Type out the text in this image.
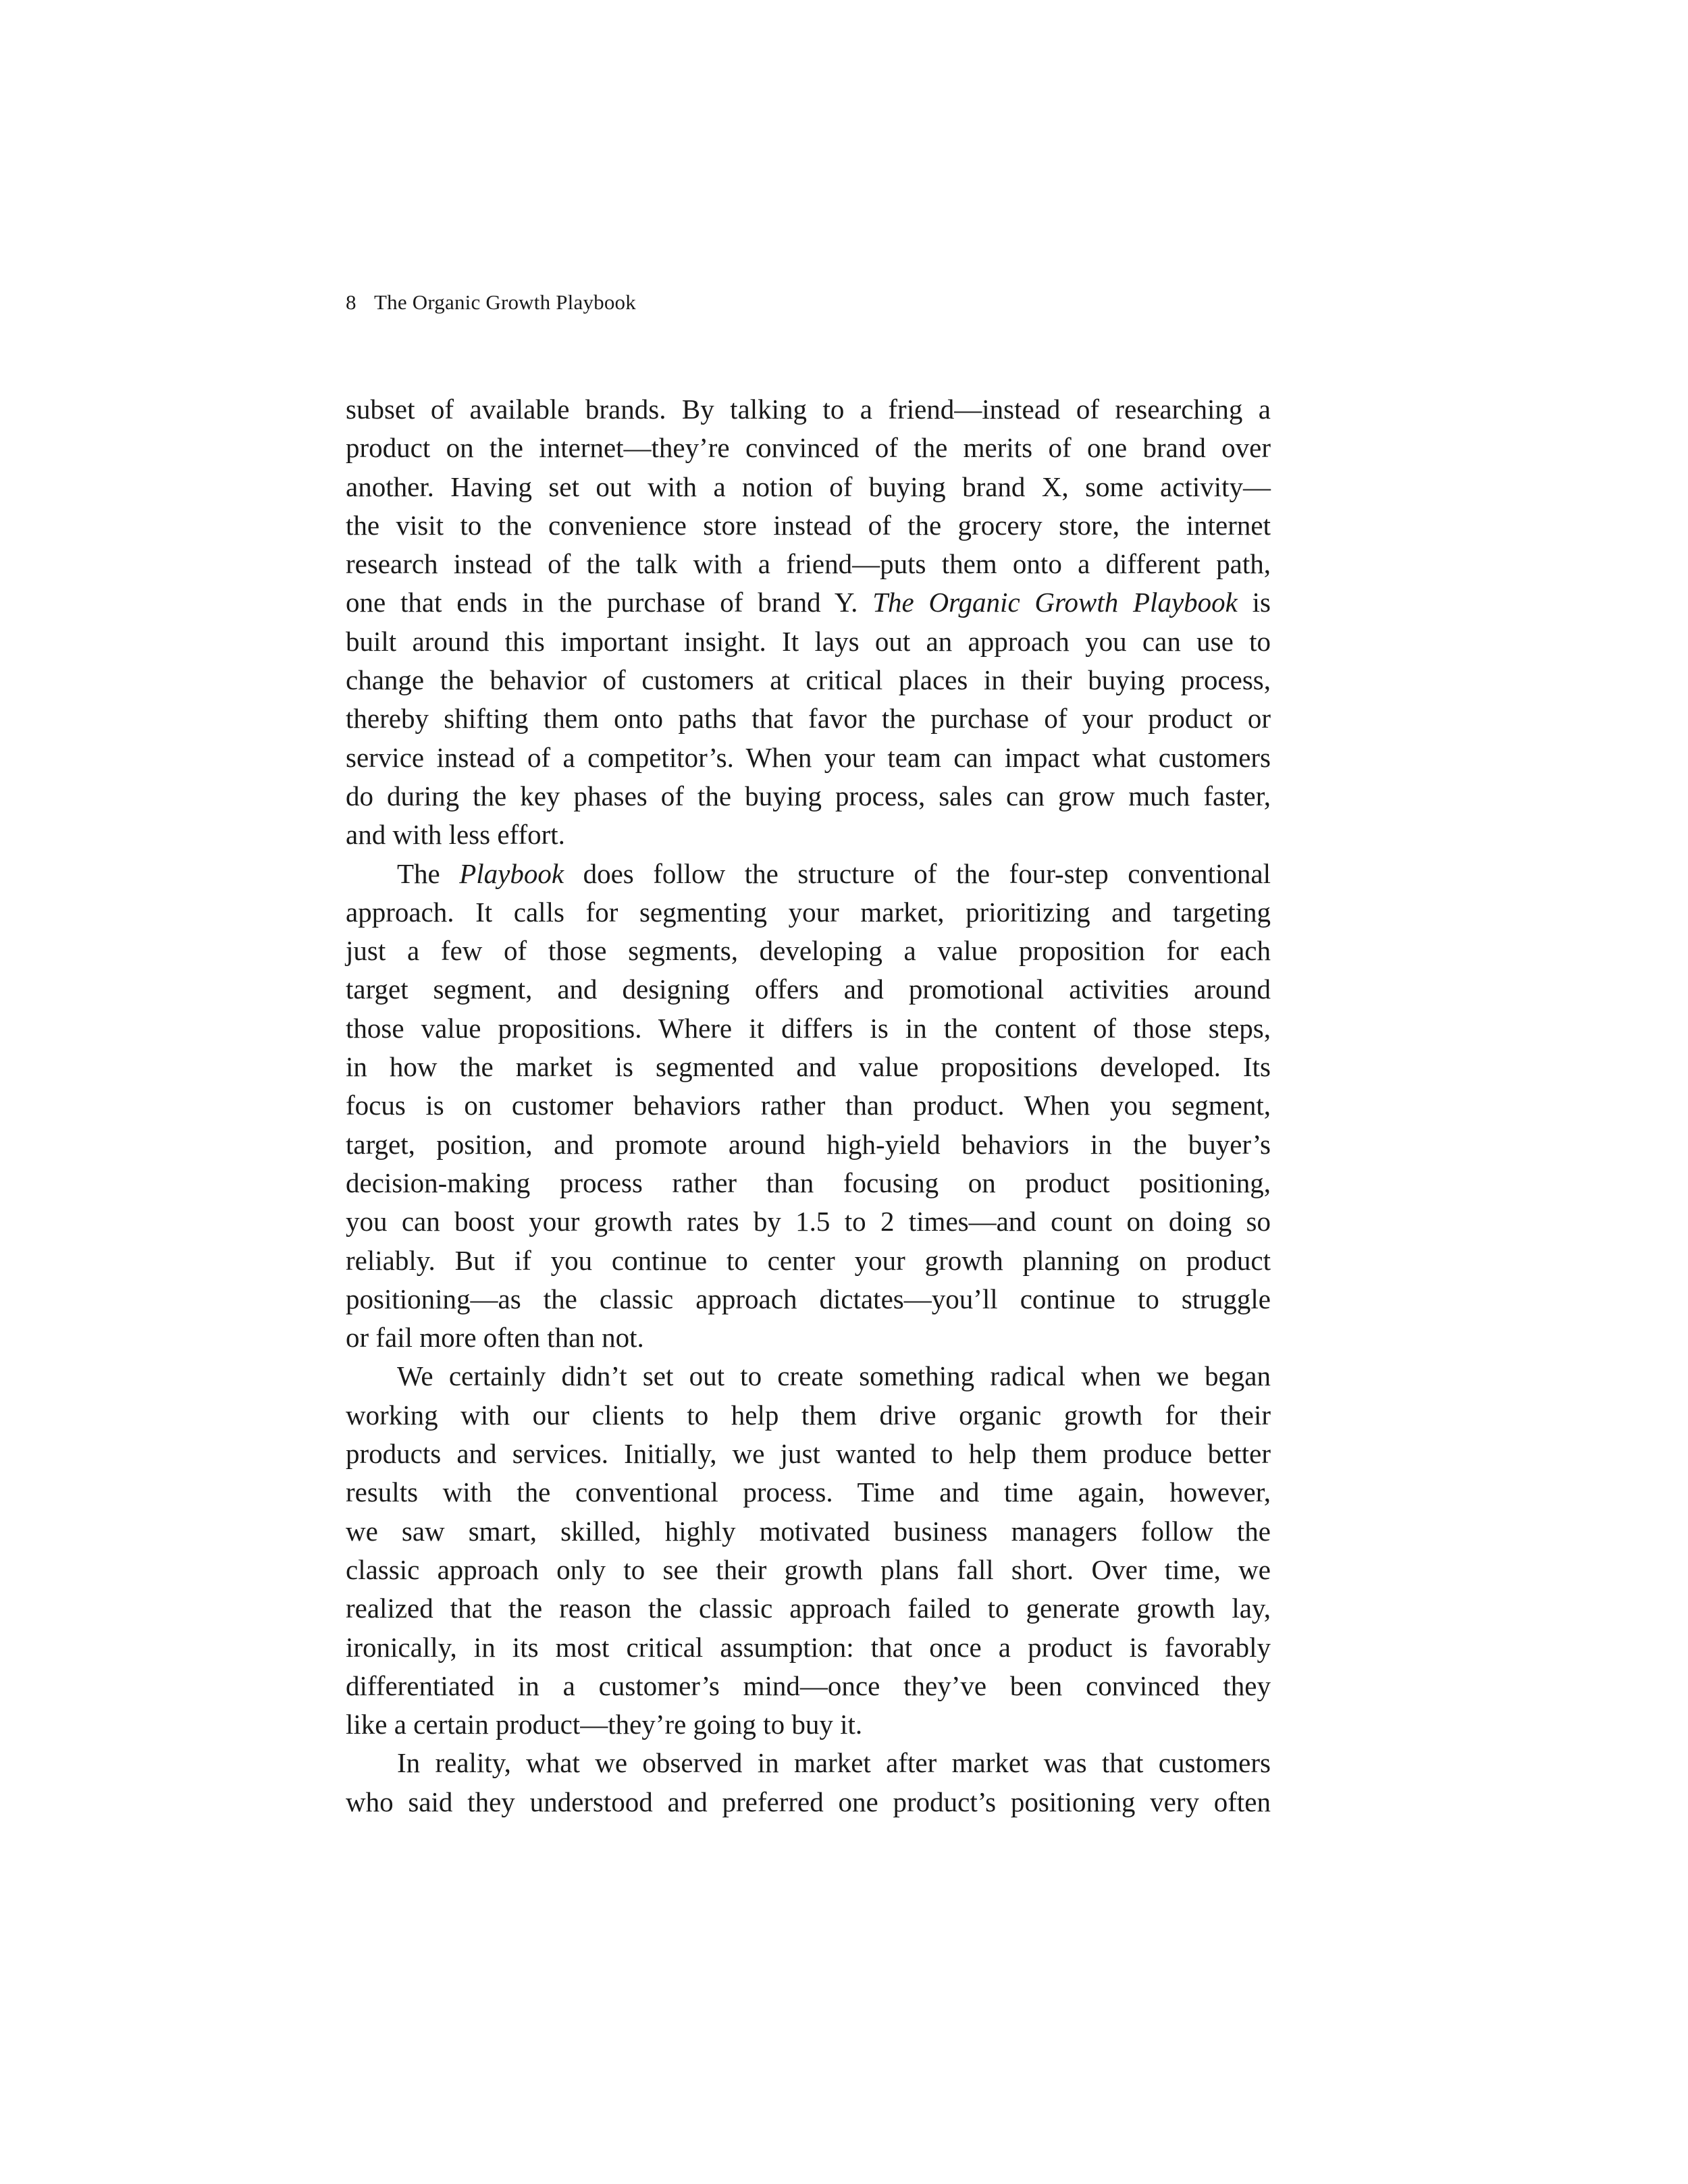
8 The Organic Growth Playbook
subset of available brands. By talking to a friend—instead of researching a
product on the internet—they’re convinced of the merits of one brand over
another. Having set out with a notion of buying brand X, some activity—
the visit to the convenience store instead of the grocery store, the internet
research instead of the talk with a friend—puts them onto a different path,
one that ends in the purchase of brand Y. The Organic Growth Playbook is
built around this important insight. It lays out an approach you can use to
change the behavior of customers at critical places in their buying process,
thereby shifting them onto paths that favor the purchase of your product or
service instead of a competitor’s. When your team can impact what customers
do during the key phases of the buying process, sales can grow much faster,
and with less effort.
The Playbook does follow the structure of the four-step conventional
approach. It calls for segmenting your market, prioritizing and targeting
just a few of those segments, developing a value proposition for each
target segment, and designing offers and promotional activities around
those value propositions. Where it differs is in the content of those steps,
in how the market is segmented and value propositions developed. Its
focus is on customer behaviors rather than product. When you segment,
target, position, and promote around high-yield behaviors in the buyer’s
decision-making process rather than focusing on product positioning,
you can boost your growth rates by 1.5 to 2 times—and count on doing so
reliably. But if you continue to center your growth planning on product
positioning—as the classic approach dictates—you’ll continue to struggle
or fail more often than not.
We certainly didn’t set out to create something radical when we began
working with our clients to help them drive organic growth for their
products and services. Initially, we just wanted to help them produce better
results with the conventional process. Time and time again, however,
we saw smart, skilled, highly motivated business managers follow the
classic approach only to see their growth plans fall short. Over time, we
realized that the reason the classic approach failed to generate growth lay,
ironically, in its most critical assumption: that once a product is favorably
differentiated in a customer’s mind—once they’ve been convinced they
like a certain product—they’re going to buy it.
In reality, what we observed in market after market was that customers
who said they understood and preferred one product’s positioning very often
